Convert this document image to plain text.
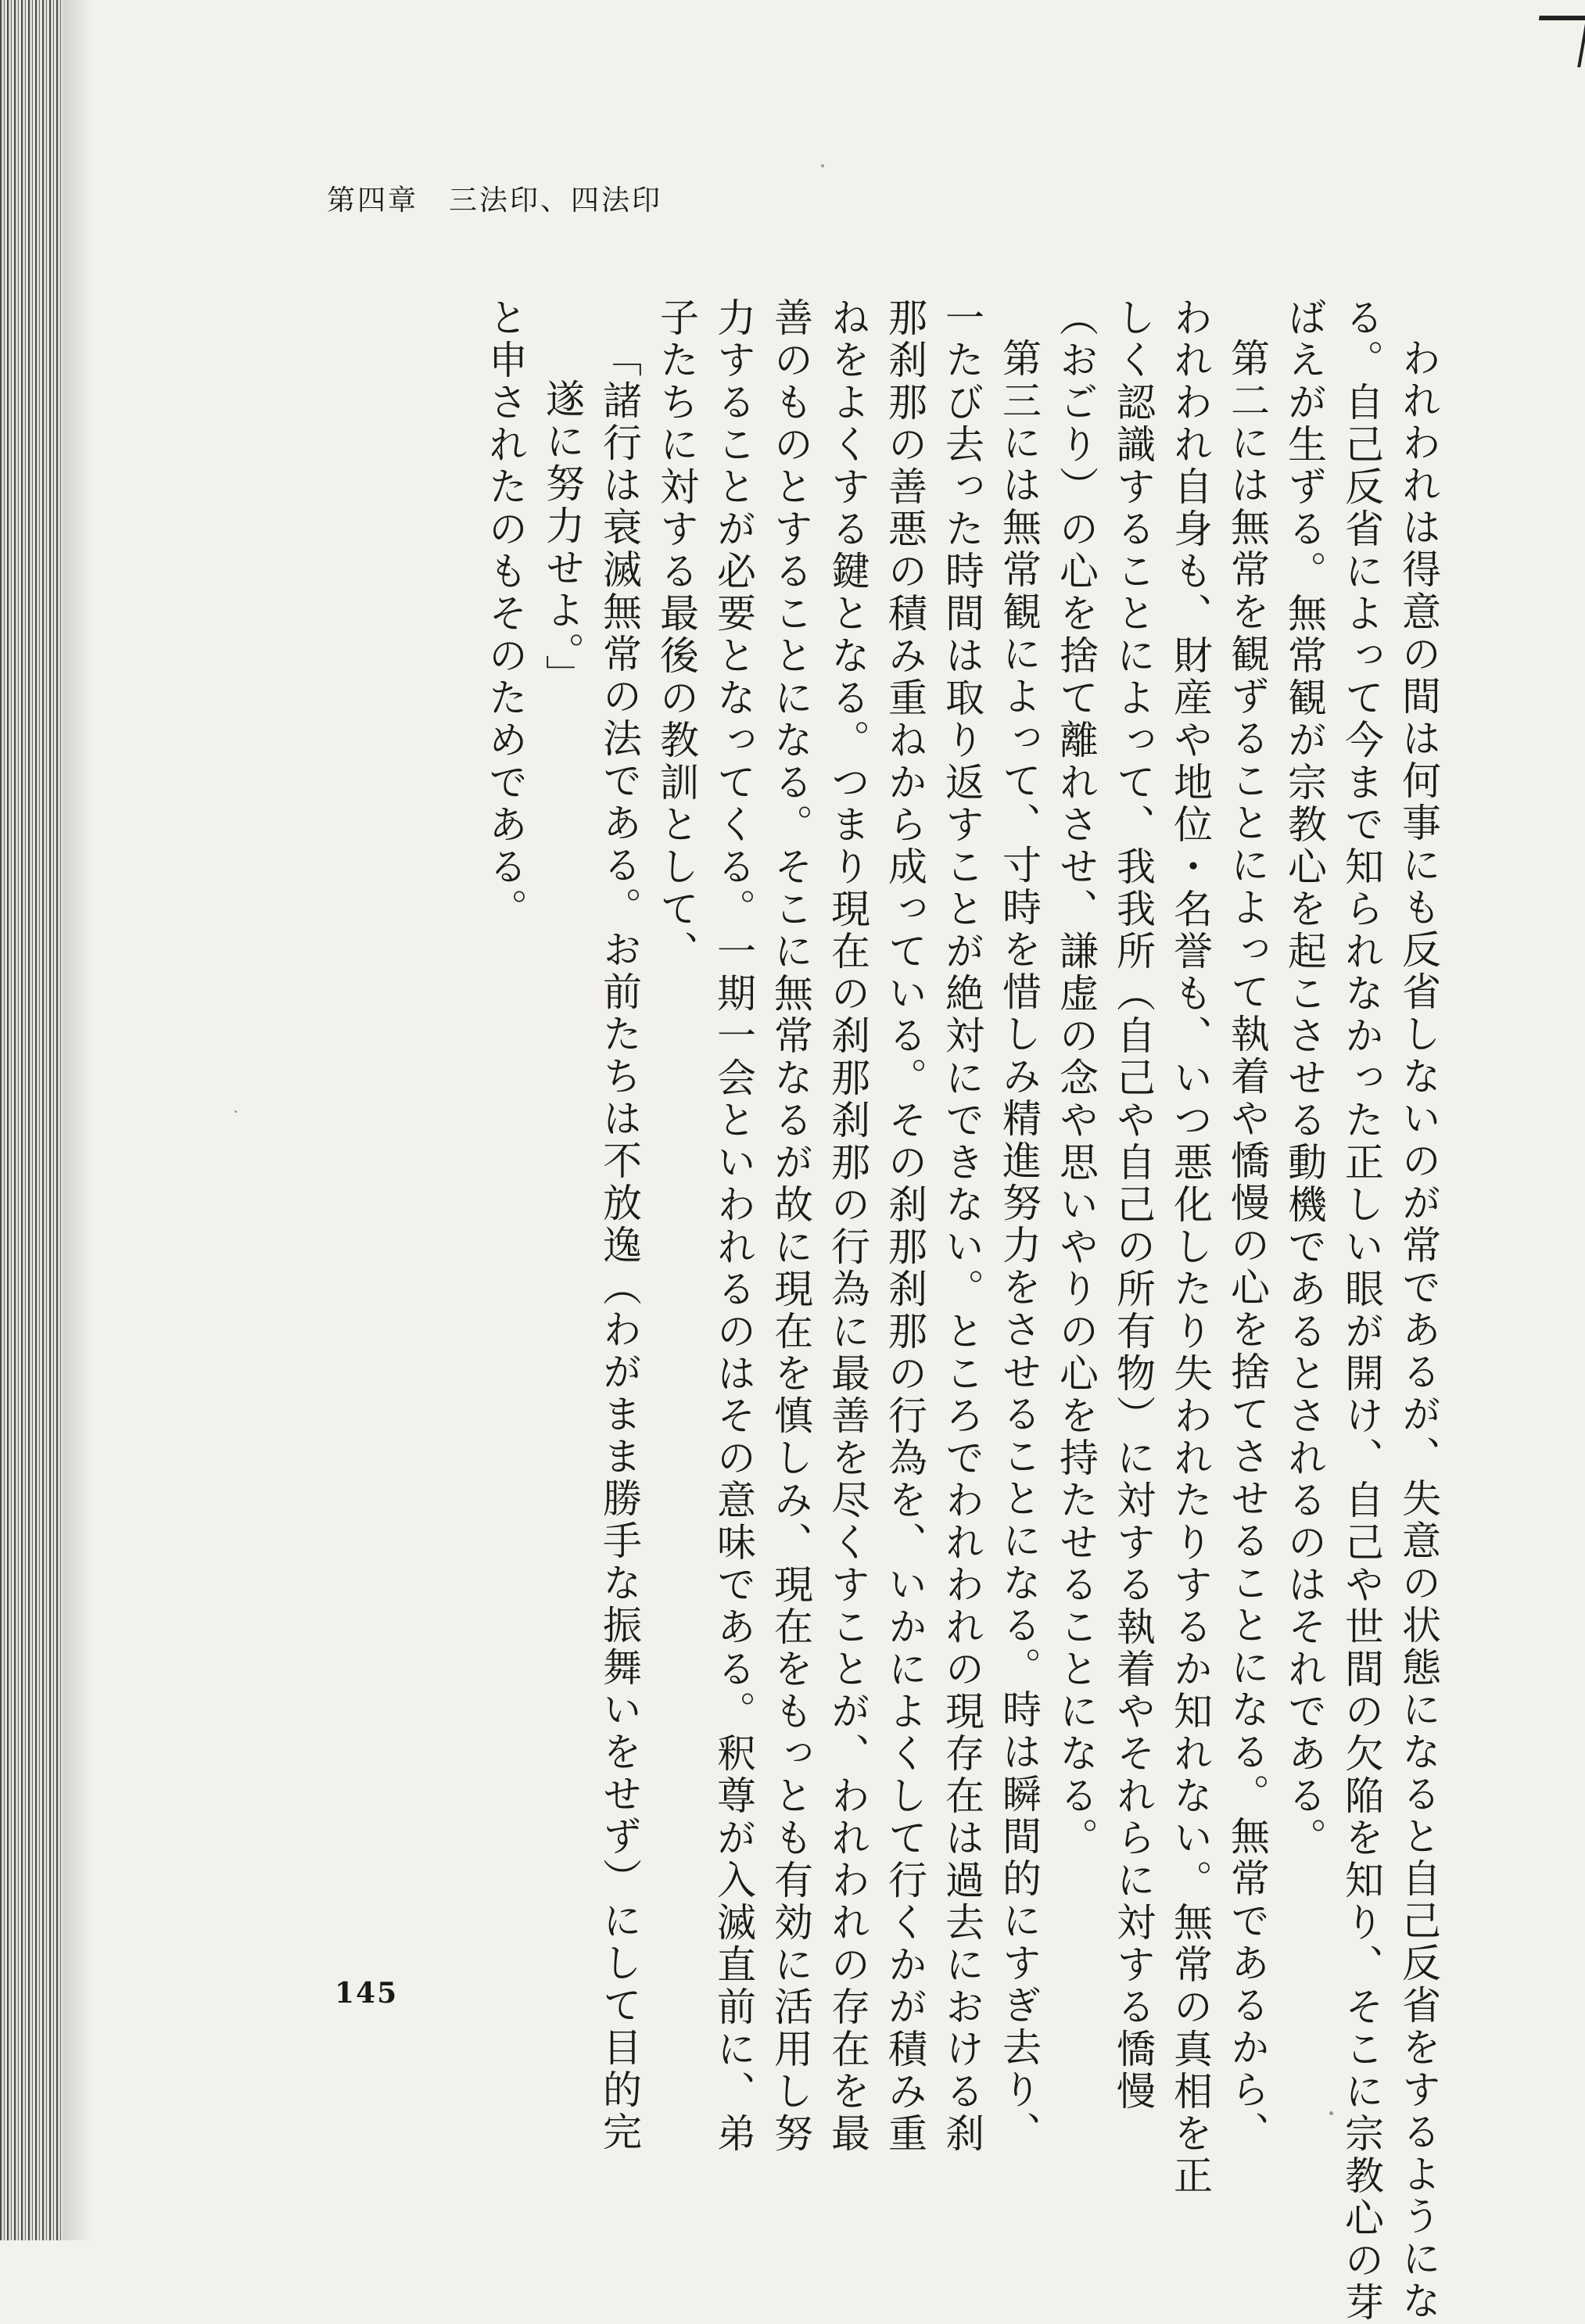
第四章　三法印、四法印
われわれは得意の間は何事にも反省しないのが常であるが、失意の状態になると自己反省をするようにな
る。自己反省によって今まで知られなかった正しい眼が開け、自己や世間の欠陥を知り、そこに宗教心の芽
ばえが生ずる。無常観が宗教心を起こさせる動機であるとされるのはそれである。
第二には無常を観ずることによって執着や憍慢の心を捨てさせることになる。無常であるから、
われわれ自身も、財産や地位・名誉も、いつ悪化したり失われたりするか知れない。無常の真相を正
しく認識することによって、我我所（自己や自己の所有物）に対する執着やそれらに対する憍慢
（おごり）の心を捨て離れさせ、謙虚の念や思いやりの心を持たせることになる。
第三には無常観によって、寸時を惜しみ精進努力をさせることになる。時は瞬間的にすぎ去り、
一たび去った時間は取り返すことが絶対にできない。ところでわれわれの現存在は過去における刹
那刹那の善悪の積み重ねから成っている。その刹那刹那の行為を、いかによくして行くかが積み重
ねをよくする鍵となる。つまり現在の刹那刹那の行為に最善を尽くすことが、われわれの存在を最
善のものとすることになる。そこに無常なるが故に現在を慎しみ、現在をもっとも有効に活用し努
力することが必要となってくる。一期一会といわれるのはその意味である。釈尊が入滅直前に、弟
子たちに対する最後の教訓として、
「諸行は衰滅無常の法である。お前たちは不放逸（わがまま勝手な振舞いをせず）にして目的完
遂に努力せよ。」
と申されたのもそのためである。
145
